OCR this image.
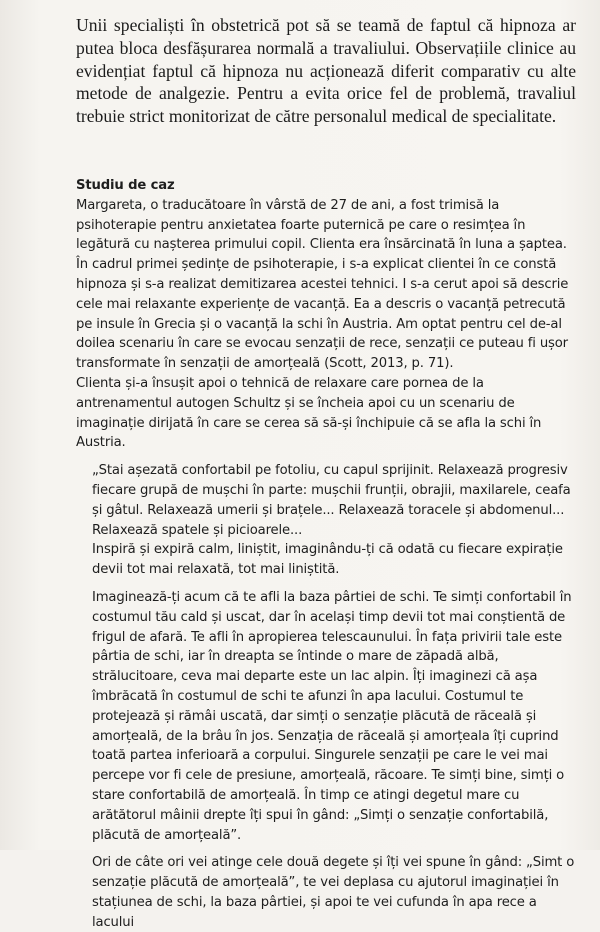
Unii specialiști în obstetrică pot să se teamă de faptul că hipnoza ar putea bloca desfășurarea normală a travaliului. Observațiile clinice au evidențiat faptul că hipnoza nu acționează diferit comparativ cu alte metode de analgezie. Pentru a evita orice fel de problemă, travaliul trebuie strict monitorizat de către personalul medical de specialitate.
Studiu de caz

Margareta, o traducătoare în vârstă de 27 de ani, a fost trimisă la psihoterapie pentru anxietatea foarte puternică pe care o resimțea în legătură cu nașterea primului copil. Clienta era însărcinată în luna a șaptea.

În cadrul primei ședințe de psihoterapie, i s-a explicat clientei în ce constă hipnoza și s-a realizat demitizarea acestei tehnici. I s-a cerut apoi să descrie cele mai relaxante experiențe de vacanță. Ea a descris o vacanță petrecută pe insule în Grecia și o vacanță la schi în Austria. Am optat pentru cel de-al doilea scenariu în care se evocau senzații de rece, senzații ce puteau fi ușor transformate în senzații de amorțeală (Scott, 2013, p. 71).

Clienta și-a însușit apoi o tehnică de relaxare care pornea de la antrenamentul autogen Schultz și se încheia apoi cu un scenariu de imaginație dirijată în care se cerea să să-și închipuie că se afla la schi în Austria.

„Stai așezată confortabil pe fotoliu, cu capul sprijinit. Relaxează progresiv fiecare grupă de mușchi în parte: mușchii frunții, obrajii, maxilarele, ceafa și gâtul. Relaxează umerii și brațele... Relaxează toracele și abdomenul... Relaxează spatele și picioarele...

Inspiră și expiră calm, liniștit, imaginându-ți că odată cu fiecare expirație devii tot mai relaxată, tot mai liniștită.

Imaginează-ți acum că te afli la baza pârtiei de schi. Te simți confortabil în costumul tău cald și uscat, dar în același timp devii tot mai conștientă de frigul de afară. Te afli în apropierea telescaunului. În fața privirii tale este pârtia de schi, iar în dreapta se întinde o mare de zăpadă albă, strălucitoare, ceva mai departe este un lac alpin. Îți imaginezi că așa îmbrăcată în costumul de schi te afunzi în apa lacului. Costumul te protejează și rămâi uscată, dar simți o senzație plăcută de răceală și amorțeală, de la brâu în jos. Senzația de răceală și amorțeala îți cuprind toată partea inferioară a corpului. Singurele senzații pe care le vei mai percepe vor fi cele de presiune, amorțeală, răcoare. Te simți bine, simți o stare confortabilă de amorțeală. În timp ce atingi degetul mare cu arătătorul mâinii drepte îți spui în gând: „Simți o senzație confortabilă, plăcută de amorțeală”.

Ori de câte ori vei atinge cele două degete și îți vei spune în gând: „Simt o senzație plăcută de amorțeală”, te vei deplasa cu ajutorul imaginației în stațiunea de schi, la baza pârtiei, și apoi te vei cufunda în apa rece a lacului
